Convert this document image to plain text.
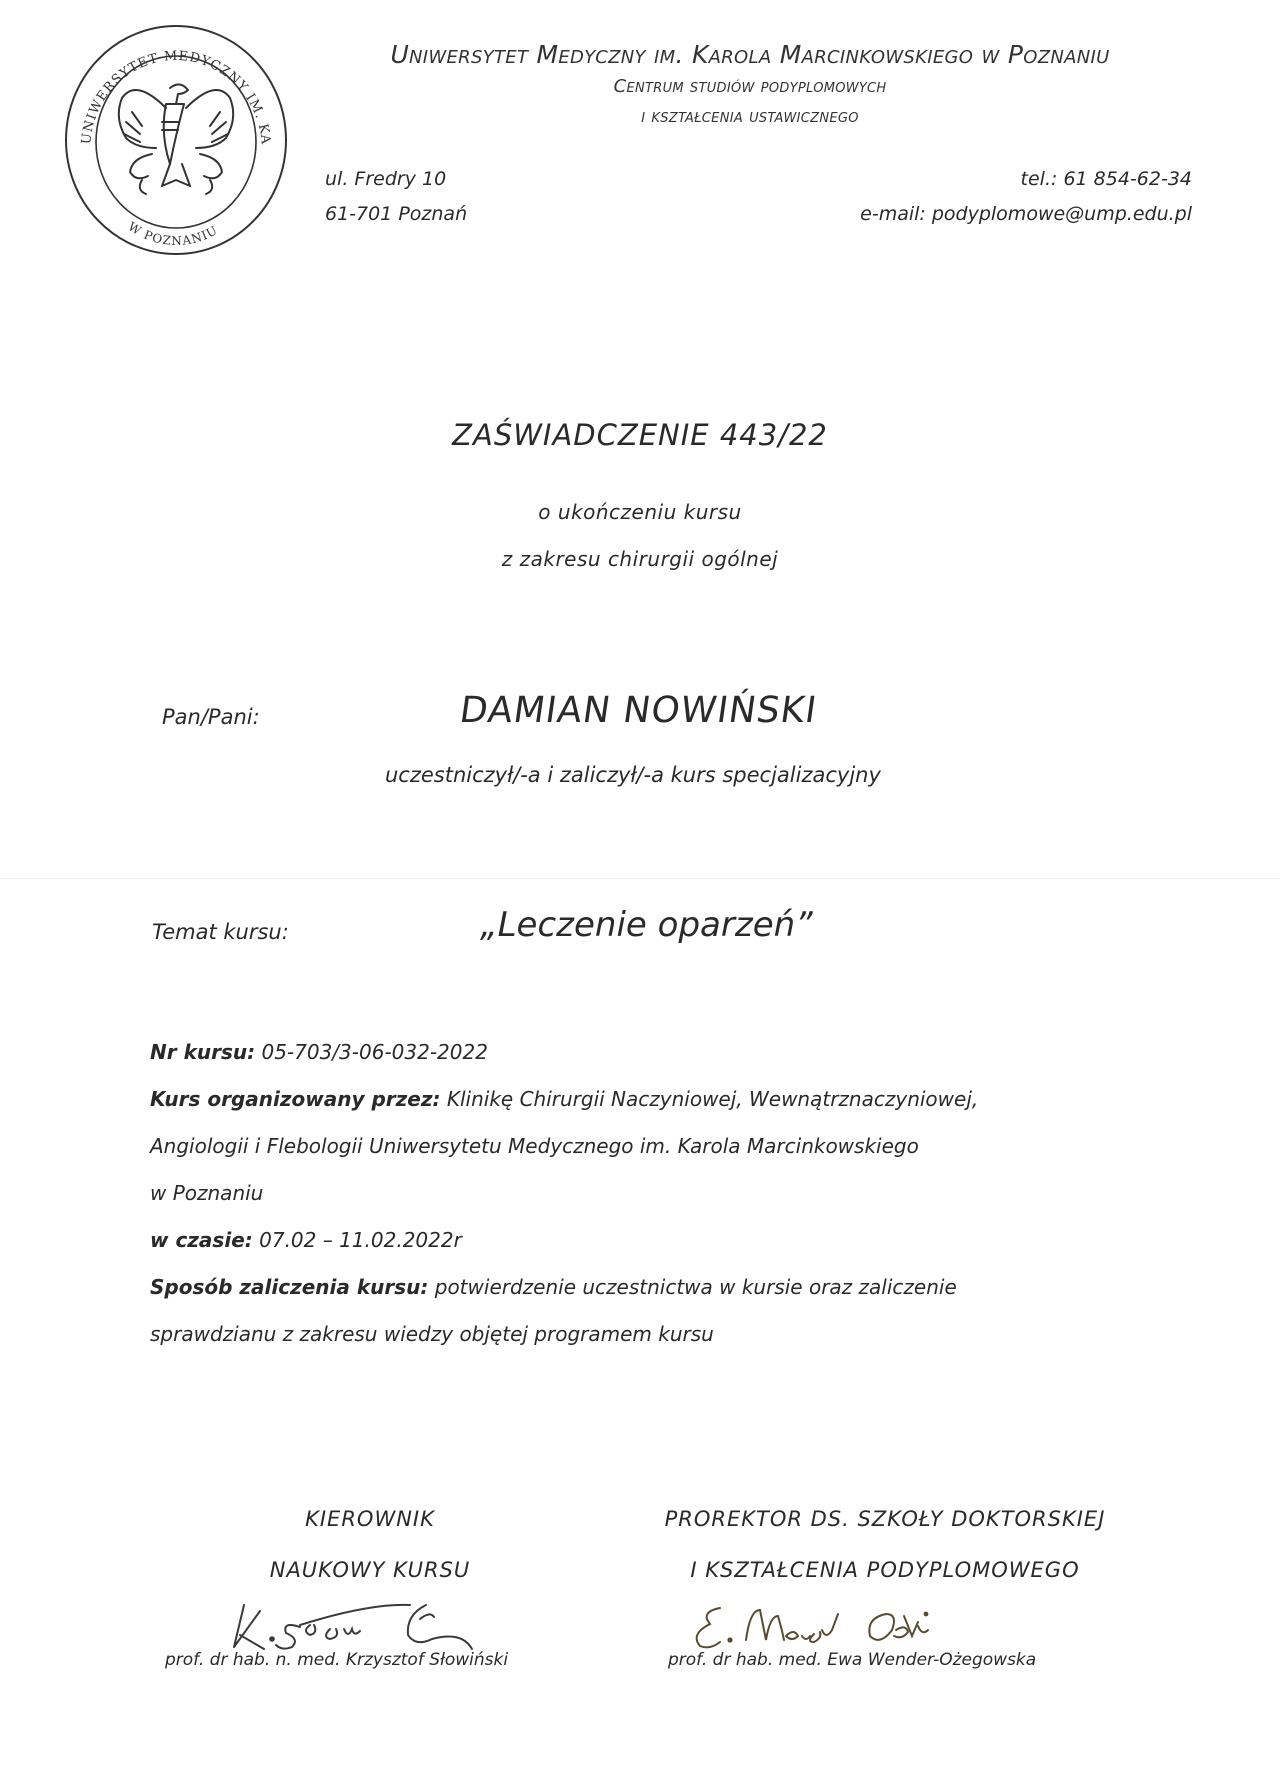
UNIWERSYTET MEDYCZNY IM. KA
W POZNANIU
Uniwersytet Medyczny im. Karola Marcinkowskiego w Poznaniu
Centrum studiów podyplomowych
i kształcenia ustawicznego
ul. Fredry 10
61-701 Poznań
tel.: 61 854-62-34
e-mail: podyplomowe@ump.edu.pl
ZAŚWIADCZENIE 443/22
o ukończeniu kursu
z zakresu chirurgii ogólnej
Pan/Pani:	DAMIAN NOWIŃSKI
uczestniczył/-a i zaliczył/-a kurs specjalizacyjny
Temat kursu:	„Leczenie oparzeń”
Nr kursu: 05-703/3-06-032-2022
Kurs organizowany przez: Klinikę Chirurgii Naczyniowej, Wewnątrznaczyniowej,
Angiologii i Flebologii Uniwersytetu Medycznego im. Karola Marcinkowskiego
w Poznaniu
w czasie: 07.02 – 11.02.2022r
Sposób zaliczenia kursu: potwierdzenie uczestnictwa w kursie oraz zaliczenie
sprawdzianu z zakresu wiedzy objętej programem kursu
KIEROWNIK
NAUKOWY KURSU
PROREKTOR DS. SZKOŁY DOKTORSKIEJ
I KSZTAŁCENIA PODYPLOMOWEGO
prof. dr hab. n. med. Krzysztof Słowiński	prof. dr hab. med. Ewa Wender-Ożegowska
